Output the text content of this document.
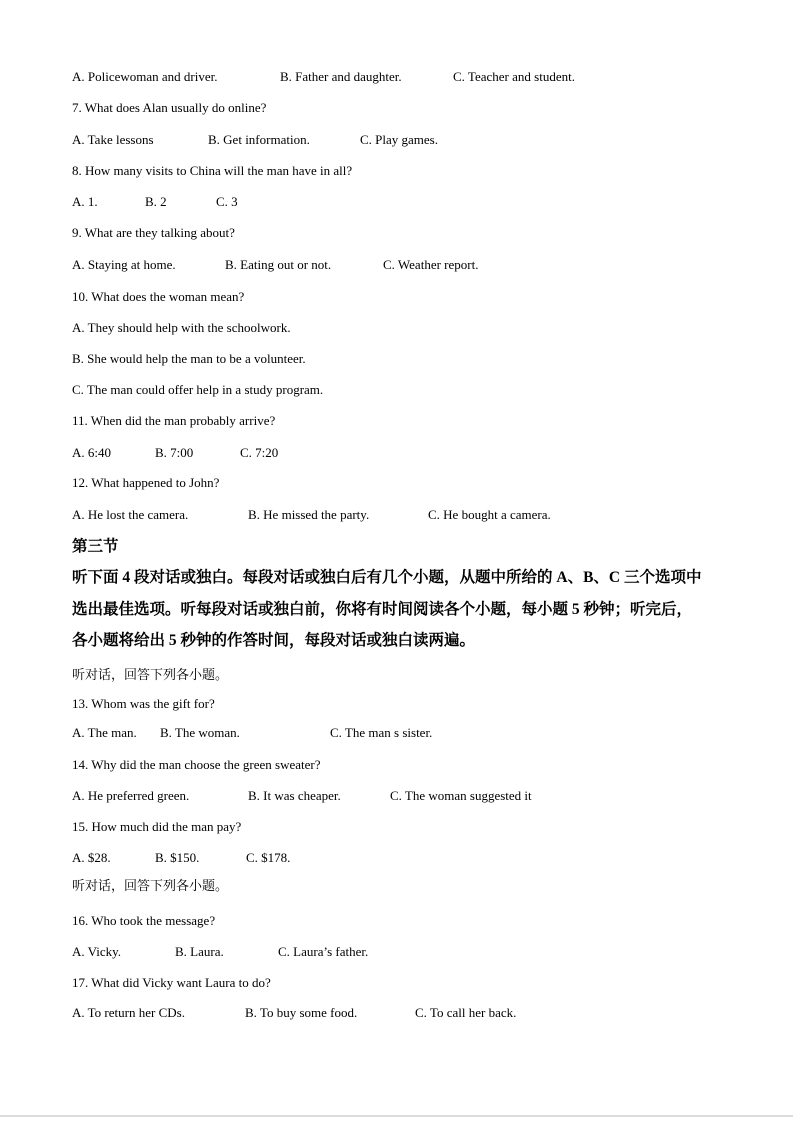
A. Policewoman and driver.	B. Father and daughter.	C. Teacher and student.
7. What does Alan usually do online?
A. Take lessons	B. Get information.	C. Play games.
8. How many visits to China will the man have in all?
A. 1.	B. 2	C. 3
9. What are they talking about?
A. Staying at home.	B. Eating out or not.	C. Weather report.
10. What does the woman mean?
A. They should help with the schoolwork.
B. She would help the man to be a volunteer.
C. The man could offer help in a study program.
11. When did the man probably arrive?
A. 6:40	B. 7:00	C. 7:20
12. What happened to John?
A. He lost the camera.	B. He missed the party.	C. He bought a camera.
第三节
听下面 4 段对话或独白。每段对话或独白后有几个小题，从题中所给的 A、B、C 三个选项中
选出最佳选项。听每段对话或独白前，你将有时间阅读各个小题，每小题 5 秒钟；听完后，
各小题将给出 5 秒钟的作答时间，每段对话或独白读两遍。
听对话，回答下列各小题。
13. Whom was the gift for?
A. The man. B. The woman.	C. The man s sister.
14. Why did the man choose the green sweater?
A. He preferred green.	B. It was cheaper.	C. The woman suggested it
15. How much did the man pay?
A. $28.	B. $150.	C. $178.
听对话，回答下列各小题。
16. Who took the message?
A. Vicky.	B. Laura.	C. Laura’s father.
17. What did Vicky want Laura to do?
A. To return her CDs.	B. To buy some food.	C. To call her back.
